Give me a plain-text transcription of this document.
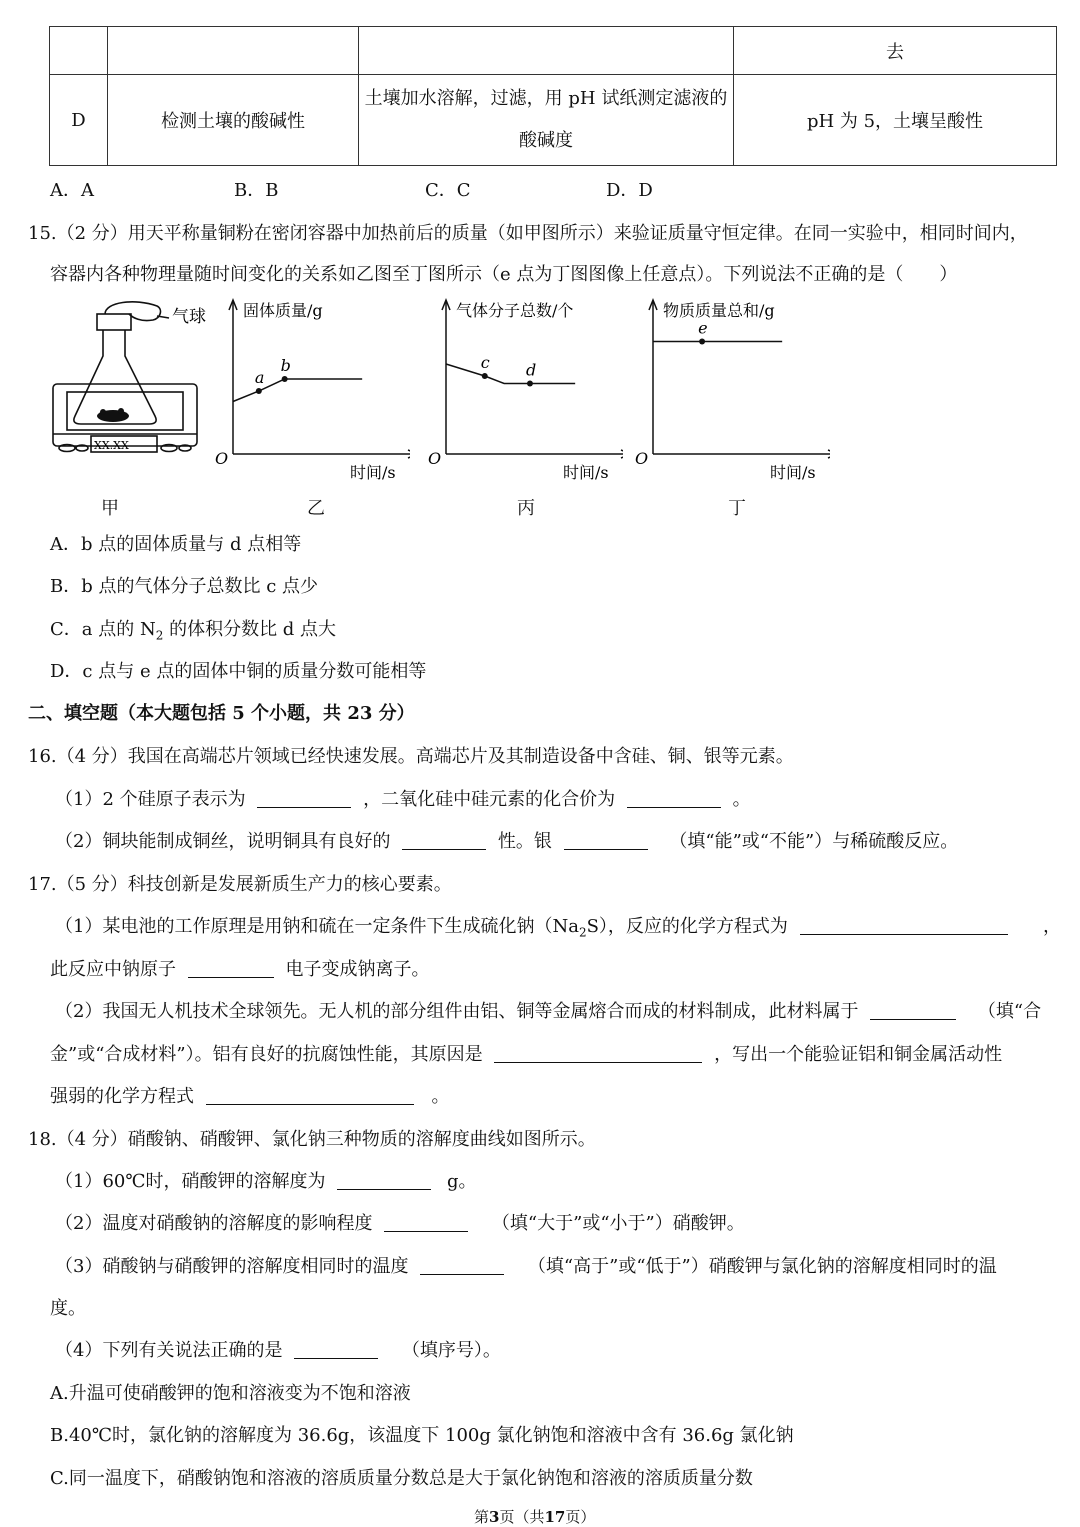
			去
D	检测土壤的酸碱性	土壤加水溶解，过滤，用 pH 试纸测定滤液的
酸碱度	pH 为 5，土壤呈酸性
A．A	B．B	C．C	D．D
15.（2 分）用天平称量铜粉在密闭容器中加热前后的质量（如甲图所示）来验证质量守恒定律。在同一实验中，相同时间内，
容器内各种物理量随时间变化的关系如乙图至丁图所示（e 点为丁图图像上任意点）。下列说法不正确的是（　　）
气球
XX.XX
甲
固体质量/g
时间/s
O
a
b
乙
气体分子总数/个
时间/s
O
c d
丙
物质质量总和/g
时间/s
O
e
丁
A．b 点的固体质量与 d 点相等
B．b 点的气体分子总数比 c 点少
C．a 点的 $N_2$ 的体积分数比 d 点大
D．c 点与 e 点的固体中铜的质量分数可能相等
二、填空题（本大题包括 5 个小题，共 23 分）
16.（4 分）我国在高端芯片领域已经快速发展。高端芯片及其制造设备中含硅、铜、银等元素。
（1）2 个硅原子表示为	，二氧化硅中硅元素的化合价为	。
（2）铜块能制成铜丝，说明铜具有良好的	性。银	（填“能”或“不能”）与稀硫酸反应。
17.（5 分）科技创新是发展新质生产力的核心要素。
（1）某电池的工作原理是用钠和硫在一定条件下生成硫化钠$(Na_2S)$，反应的化学方程式为	，
此反应中钠原子	电子变成钠离子。
（2）我国无人机技术全球领先。无人机的部分组件由铝、铜等金属熔合而成的材料制成，此材料属于	（填“合
金”或“合成材料”）。铝有良好的抗腐蚀性能，其原因是	，写出一个能验证铝和铜金属活动性
强弱的化学方程式	。
18.（4 分）硝酸钠、硝酸钾、氯化钠三种物质的溶解度曲线如图所示。
（1）60℃时，硝酸钾的溶解度为	g。
（2）温度对硝酸钠的溶解度的影响程度	（填“大于”或“小于”）硝酸钾。
（3）硝酸钠与硝酸钾的溶解度相同时的温度	（填“高于”或“低于”）硝酸钾与氯化钠的溶解度相同时的温
度。
（4）下列有关说法正确的是	（填序号）。
A.升温可使硝酸钾的饱和溶液变为不饱和溶液
B.40℃时，氯化钠的溶解度为 36.6g，该温度下 100g 氯化钠饱和溶液中含有 36.6g 氯化钠
C.同一温度下，硝酸钠饱和溶液的溶质质量分数总是大于氯化钠饱和溶液的溶质质量分数
第3页（共17页）
